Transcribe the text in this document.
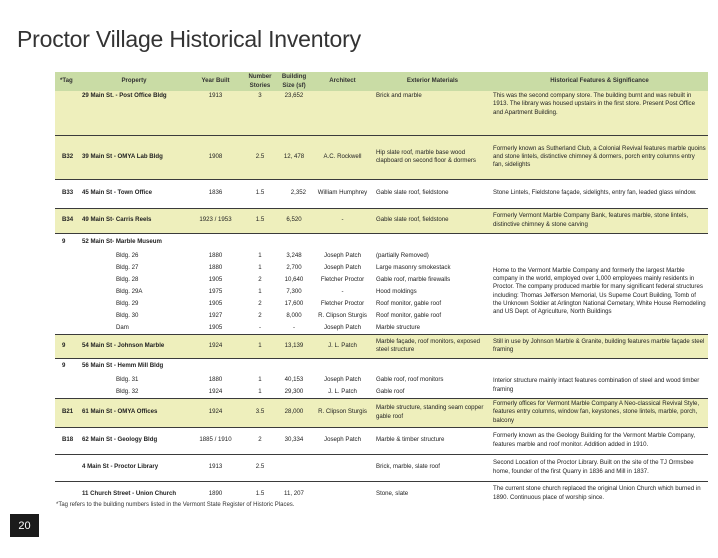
Proctor Village Historical Inventory
*Tag	Property	Year Built	Number Stories	Building Size (sf)	Architect	Exterior Materials	Historical Features & Significance
	29 Main St. - Post Office Bldg	1913	3	23,652		Brick and marble	This was the second company store. The building burnt and was rebuilt in 1913. The library was housed upstairs in the first store. Present Post Office and Apartment Building.
B32	39 Main St - OMYA Lab Bldg	1908	2.5	12, 478	A.C. Rockwell	Hip slate roof, marble base wood clapboard on second floor & dormers	Formerly known as Sutherland Club, a Colonial Revival features marble quoins and stone lintels, distinctive chimney & dormers, porch entry columns entry fan, sidelights
B33	45 Main St - Town Office	1836	1.5	2,352	William Humphrey	Gable slate roof, fieldstone	Stone Lintels, Fieldstone façade, sidelights, entry fan, leaded glass window.
B34	49 Main St- Carris Reels	1923 / 1953	1.5	6,520	-	Gable slate roof, fieldstone	Formerly Vermont Marble Company Bank, features marble, stone lintels, distinctive chimney & stone carving
9	52 Main St- Marble Museum						
	Bldg. 26	1880	1	3,248	Joseph Patch	(partially Removed)	Home to the Vermont Marble Company and formerly the largest Marble company in the world, employed over 1,000 employees mainly residents in Proctor. The company produced marble for many significant federal structures including: Thomas Jefferson Memorial, Us Supeme Court Building, Tomb of the Unknown Soldier at Arlington National Cemetary, White House Remodeling and US Dept. of Agriculture, North Buildings
	Bldg. 27	1880	1	2,700	Joseph Patch	Large masonry smokestack	
	Bldg. 28	1905	2	10,640	Fletcher Proctor	Gable roof, marble firewalls	
	Bldg. 29A	1975	1	7,300	-	Hood moldings	
	Bldg. 29	1905	2	17,600	Fletcher Proctor	Roof monitor, gable roof	
	Bldg. 30	1927	2	8,000	R. Clipson Sturgis	Roof monitor, gable roof	
	Dam	1905	-	-	Joseph Patch	Marble structure	
9	54 Main St - Johnson Marble	1924	1	13,139	J. L. Patch	Marble façade, roof monitors, exposed steel structure	Still in use by Johnson Marble & Granite, building features marble façade steel framing
9	56 Main St - Hemm Mill Bldg						
	Bldg. 31	1880	1	40,153	Joseph Patch	Gable roof, roof monitors	Interior structure mainly intact features combination of steel and wood timber framing
	Bldg. 32	1924	1	29,300	J. L. Patch	Gable roof	
B21	61 Main St - OMYA Offices	1924	3.5	28,000	R. Clipson Sturgis	Marble structure, standing seam copper gable roof	Formerly offices for Vermont Marble Company A Neo-classical Revival Style, features entry columns, window fan, keystones, stone lintels, marble, porch, balcony
B18	62 Main St - Geology Bldg	1885 / 1910	2	30,334	Joseph Patch	Marble & timber structure	Formerly known as the Geology Building for the Vermont Marble Company, features marble and roof monitor. Addition added in 1910.
	4 Main St - Proctor Library	1913	2.5			Brick, marble, slate roof	Second Location of the Proctor Library. Built on the site of the TJ Ormsbee home, founder of the first Quarry in 1836 and Mill in 1837.
	11 Church Street - Union Church	1890	1.5	11, 207		Stone, slate	The current stone church replaced the original Union Church which burned in 1890. Continuous place of worship since.
*Tag refers to the building numbers listed in the Vermont State Register of Historic Places.
20
